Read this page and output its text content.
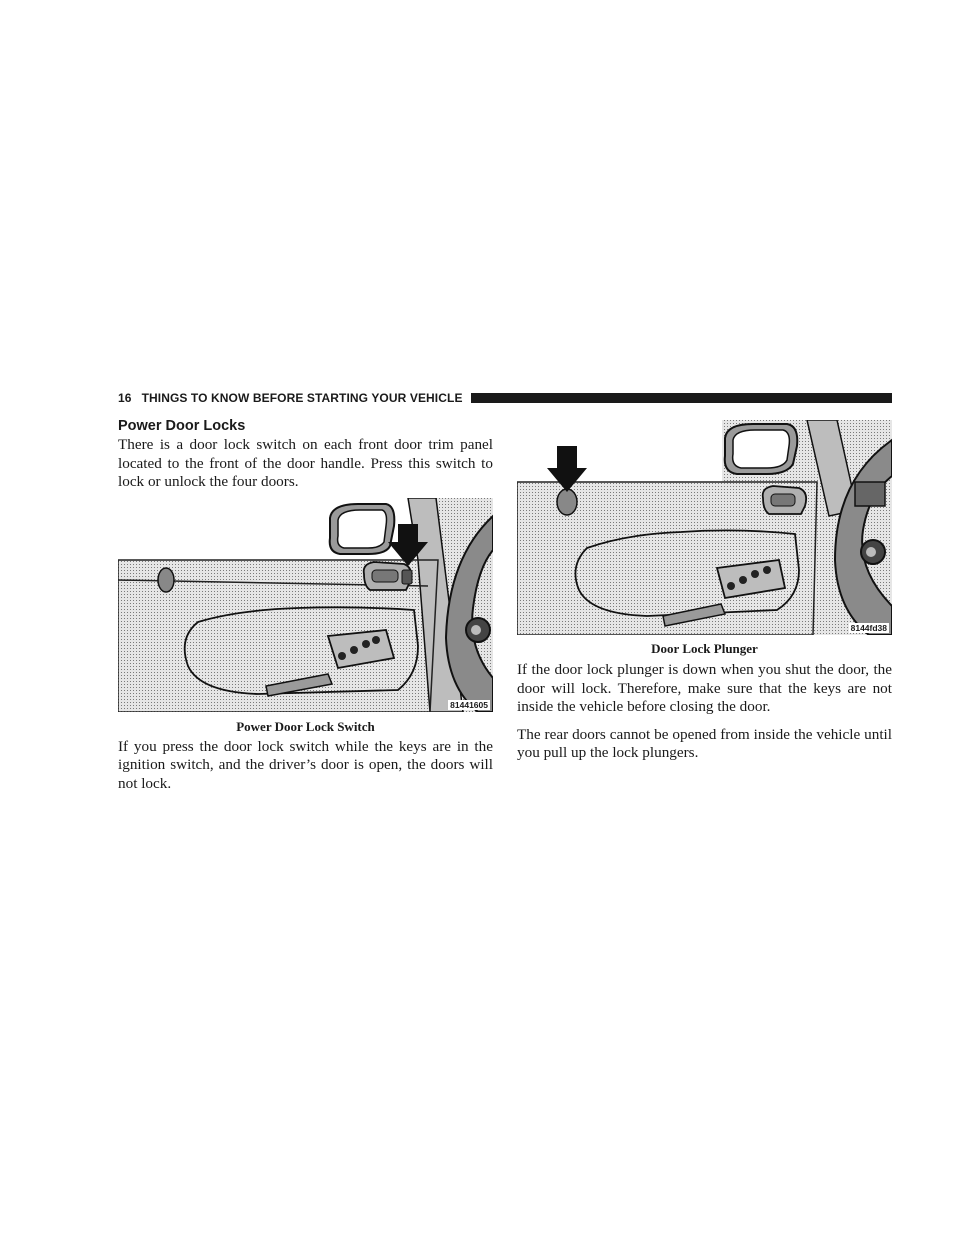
16 THINGS TO KNOW BEFORE STARTING YOUR VEHICLE
Power Door Locks

There is a door lock switch on each front door trim panel located to the front of the door handle. Press this switch to lock or unlock the four doors.

81441605
Power Door Lock Switch

If you press the door lock switch while the keys are in the ignition switch, and the driver’s door is open, the doors will not lock.

8144fd38
Door Lock Plunger

If the door lock plunger is down when you shut the door, the door will lock. Therefore, make sure that the keys are not inside the vehicle before closing the door.

The rear doors cannot be opened from inside the vehicle until you pull up the lock plungers.
